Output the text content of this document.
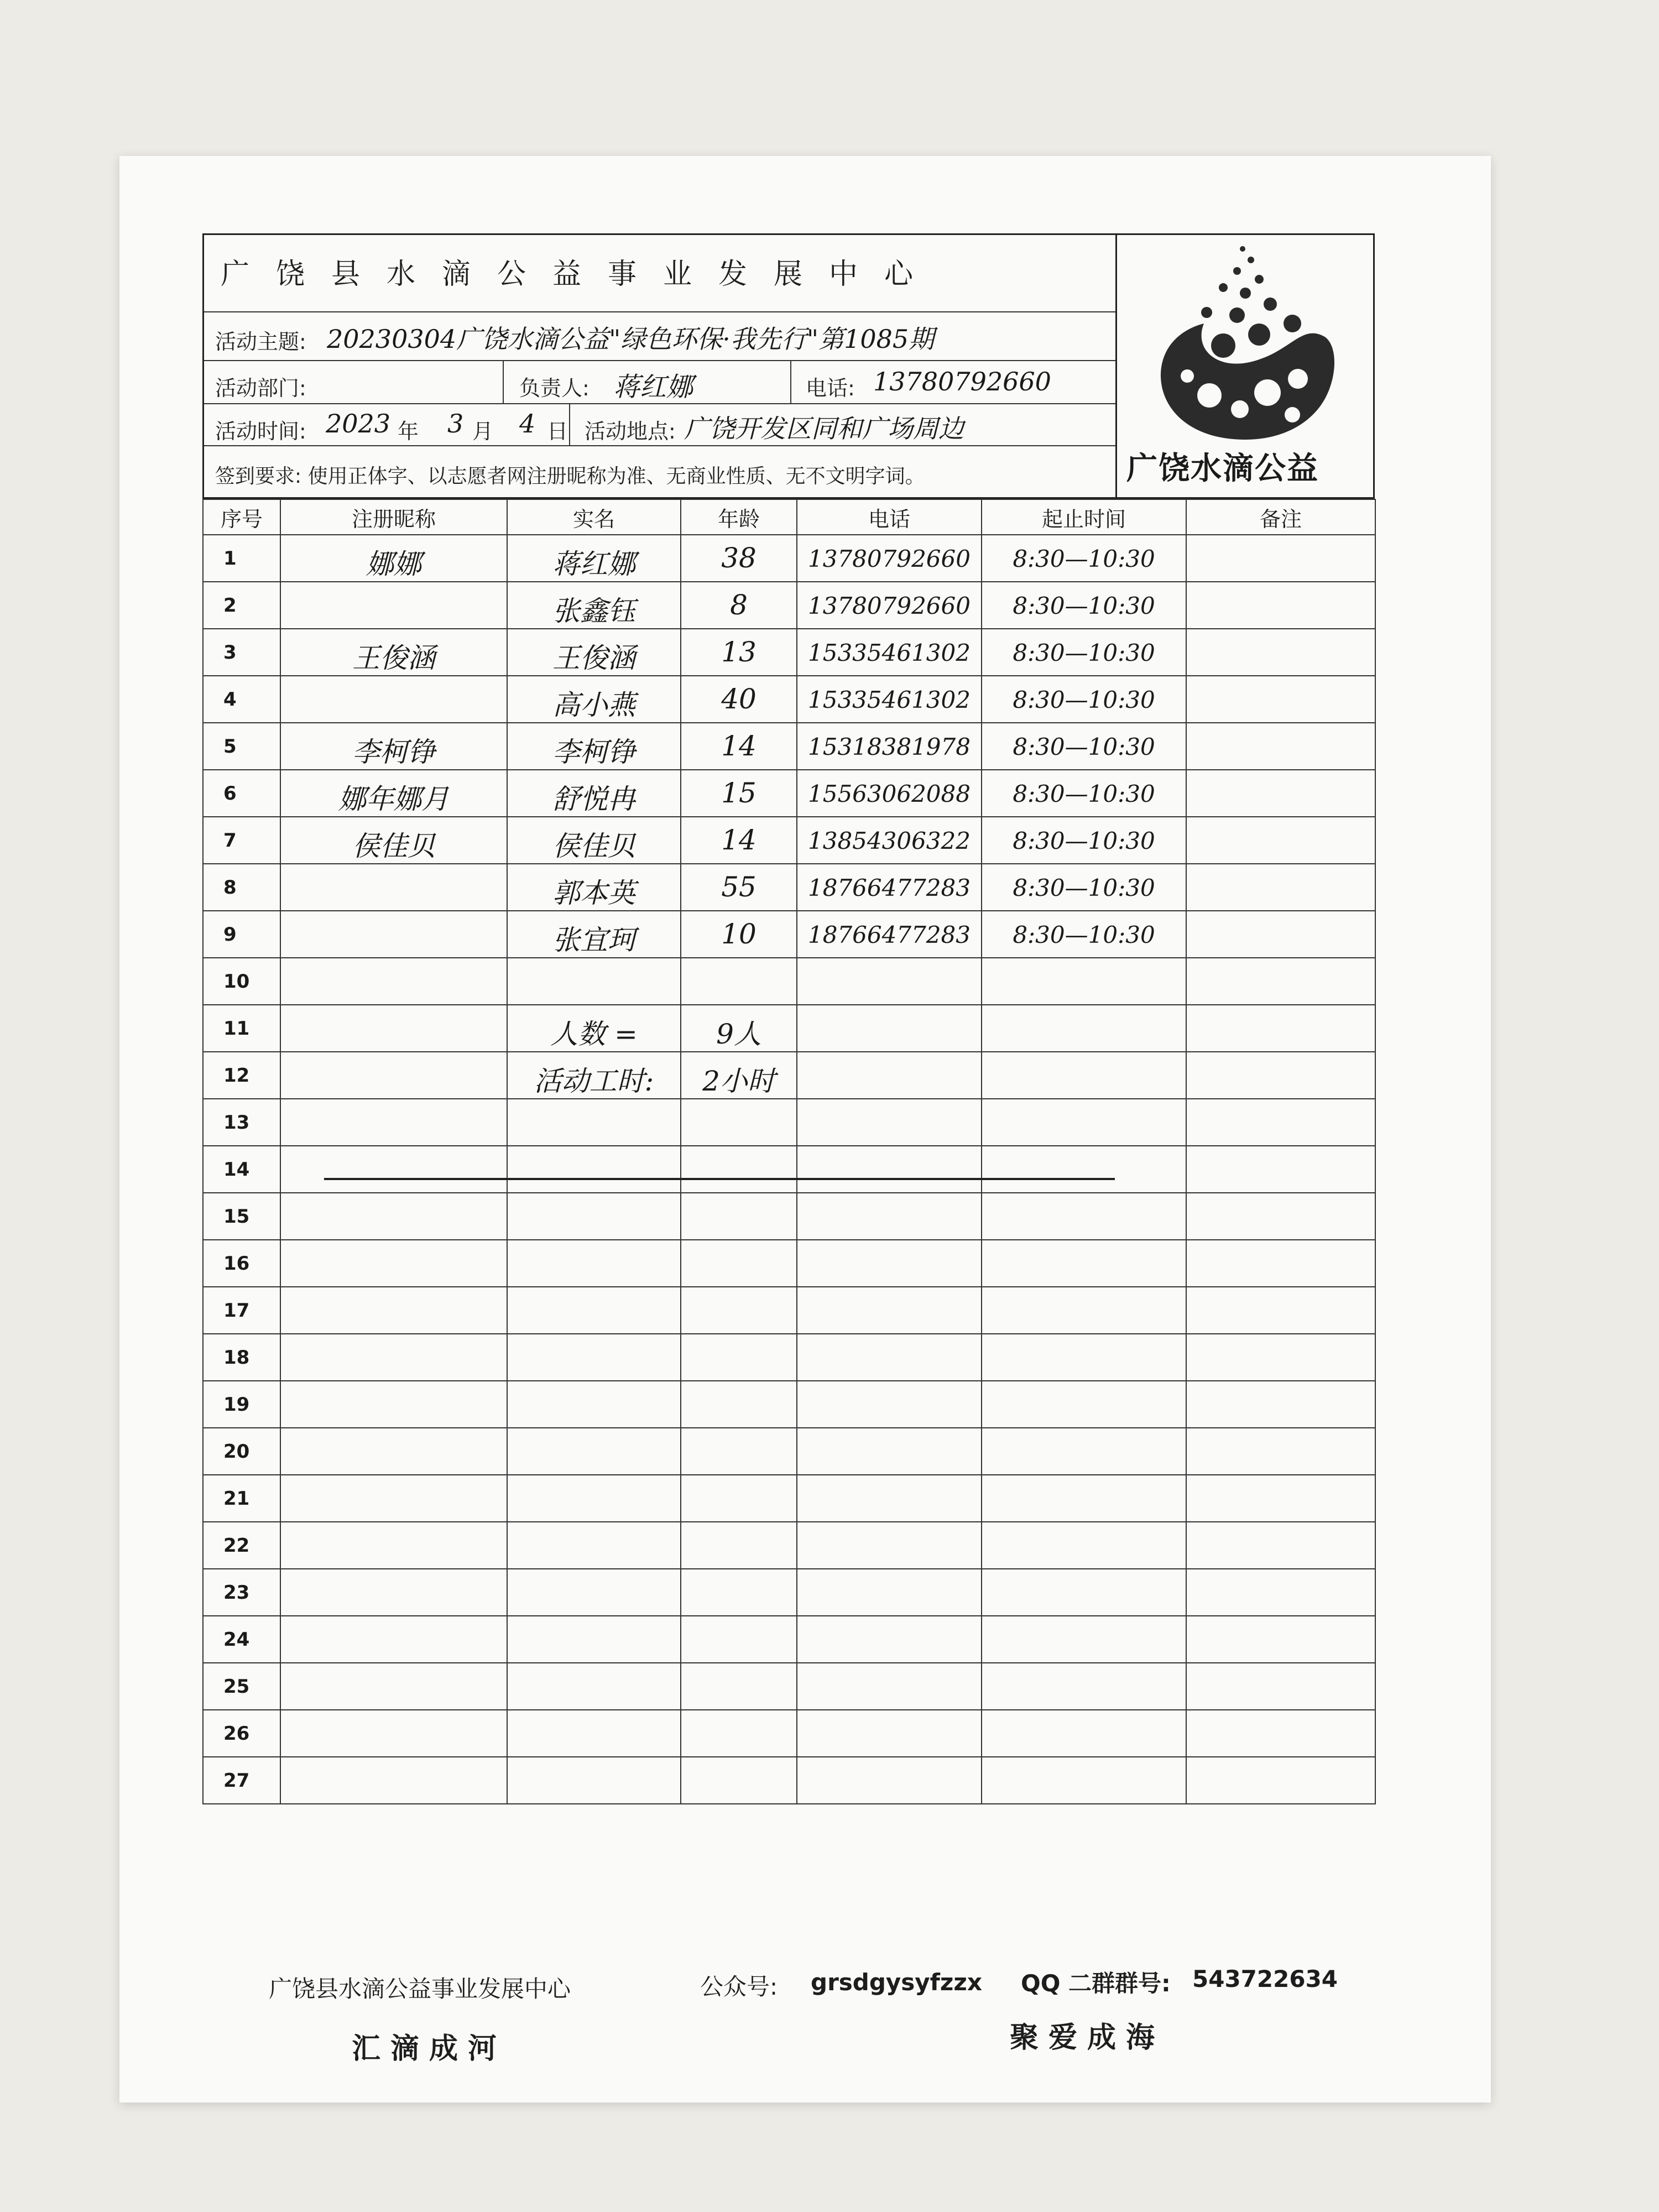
广饶县水滴公益事业发展中心
活动主题: 20230304广饶水滴公益"绿色环保·我先行"第1085期
活动部门:	负责人: 蒋红娜	电话: 13780792660
活动时间: 2023 年 3 月 4 日 活动地点: 广饶开发区同和广场周边
签到要求: 使用正体字、以志愿者网注册昵称为准、无商业性质、无不文明字词。	广饶水滴公益
序号	注册昵称	实名	年龄	电话	起止时间	备注
1	娜娜	蒋红娜	38	13780792660	8:30—10:30	

2		张鑫钰	8	13780792660	8:30—10:30	

3	王俊涵	王俊涵	13	15335461302	8:30—10:30	

4		高小燕	40	15335461302	8:30—10:30	

5	李柯铮	李柯铮	14	15318381978	8:30—10:30	

6	娜年娜月	舒悦冉	15	15563062088	8:30—10:30	

7	侯佳贝	侯佳贝	14	13854306322	8:30—10:30	

8		郭本英	55	18766477283	8:30—10:30	

9		张宜珂	10	18766477283	8:30—10:30	

10	

11		人数 =	9人			

12		活动工时:	2小时			

13	

14	

15	

16	

17	

18	

19	

20	

21	

22	

23	

24	

25	

26	

27	

广饶县水滴公益事业发展中心	公众号: grsdgysyfzzx QQ 二群群号: 543722634
汇滴成河	聚爱成海
